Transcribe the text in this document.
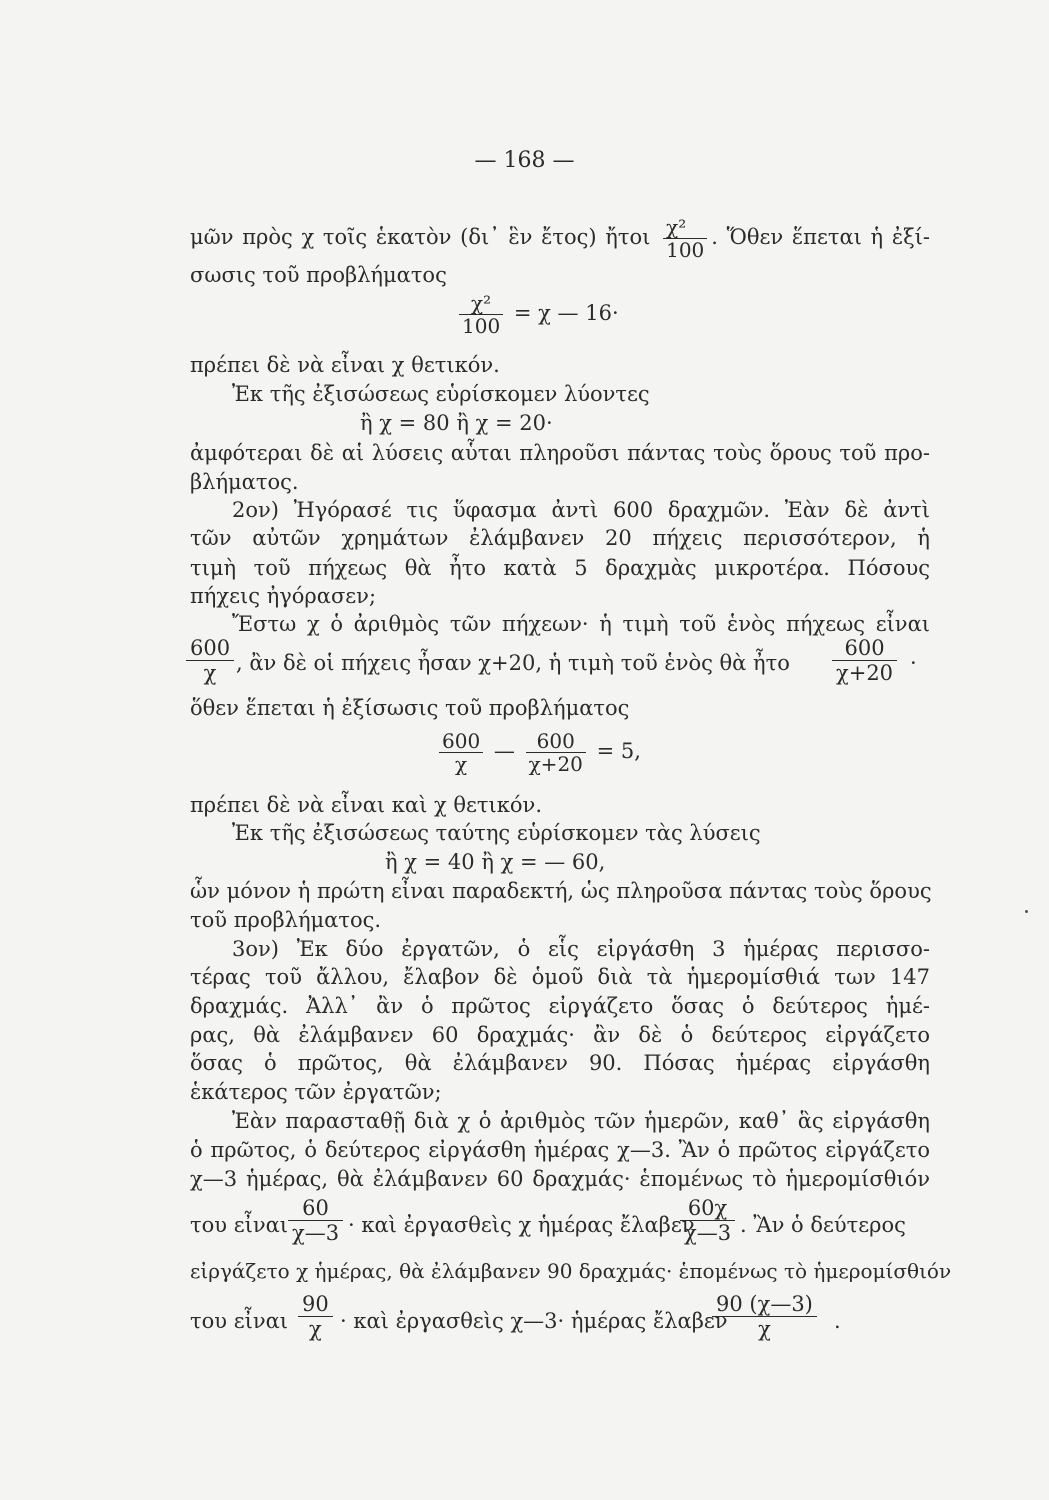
— 168 —
μῶν πρὸς χ τοῖς ἑκατὸν (δι᾿ ἓν ἔτος) ἤτοι $\frac{\text{χ²}}{100}$ . Ὅθεν ἕπεται ἡ ἐξί-
σωσις τοῦ προβλήματος
$\frac{\text{χ²}}{100} = \chi$ — 16·
πρέπει δὲ νὰ εἶναι χ θετικόν.
Ἐκ τῆς ἐξισώσεως εὑρίσκομεν λύοντες
ἢ χ = 80 ἢ χ = 20·
ἀμφότεραι δὲ αἱ λύσεις αὗται πληροῦσι πάντας τοὺς ὅρους τοῦ προ-
βλήματος.
2ον) Ἠγόρασέ τις ὕφασμα ἀντὶ 600 δραχμῶν. Ἐὰν δὲ ἀντὶ
τῶν αὐτῶν χρημάτων ἐλάμβανεν 20 πήχεις περισσότερον, ἡ
τιμὴ τοῦ πήχεως θὰ ἦτο κατὰ 5 δραχμὰς μικροτέρα. Πόσους
πήχεις ἠγόρασεν;
Ἔστω χ ὁ ἀριθμὸς τῶν πήχεων· ἡ τιμὴ τοῦ ἑνὸς πήχεως εἶναι
$\frac{600}{\chi}$ , ἂν δὲ οἱ πήχεις ἦσαν χ+20, ἡ τιμὴ τοῦ ἑνὸς θὰ ἦτο	$\frac{600}{\chi+20}$ ·
ὅθεν ἕπεται ἡ ἐξίσωσις τοῦ προβλήματος
$\frac{600}{\chi}$ — $\frac{600}{\chi+20} = 5$,
πρέπει δὲ νὰ εἶναι καὶ χ θετικόν.
Ἐκ τῆς ἐξισώσεως ταύτης εὑρίσκομεν τὰς λύσεις
ἢ χ = 40 ἢ χ = — 60,
ὧν μόνον ἡ πρώτη εἶναι παραδεκτή, ὡς πληροῦσα πάντας τοὺς ὅρους
τοῦ προβλήματος.
3ον) Ἐκ δύο ἐργατῶν, ὁ εἷς εἰργάσθη 3 ἡμέρας περισσο-
τέρας τοῦ ἄλλου, ἔλαβον δὲ ὁμοῦ διὰ τὰ ἡμερομίσθιά των 147
δραχμάς. Ἀλλ᾿ ἂν ὁ πρῶτος εἰργάζετο ὅσας ὁ δεύτερος ἡμέ-
ρας, θὰ ἐλάμβανεν 60 δραχμάς· ἂν δὲ ὁ δεύτερος εἰργάζετο
ὅσας ὁ πρῶτος, θὰ ἐλάμβανεν 90. Πόσας ἡμέρας εἰργάσθη
ἑκάτερος τῶν ἐργατῶν;
Ἐὰν παρασταθῇ διὰ χ ὁ ἀριθμὸς τῶν ἡμερῶν, καθ᾿ ἃς εἰργάσθη
ὁ πρῶτος, ὁ δεύτερος εἰργάσθη ἡμέρας χ—3. Ἂν ὁ πρῶτος εἰργάζετο
χ—3 ἡμέρας, θὰ ἐλάμβανεν 60 δραχμάς· ἑπομένως τὸ ἡμερομίσθιόν
του εἶναι $\frac{60}{\chi—3}$ · καὶ ἐργασθεὶς χ ἡμέρας ἔλαβεν
$\frac{60\chi}{\chi—3}$ . Ἂν ὁ δεύτερος
εἰργάζετο χ ἡμέρας, θὰ ἐλάμβανεν 90 δραχμάς· ἑπομένως τὸ ἡμερομίσθιόν
του εἶναι $\frac{90}{\chi}$ · καὶ ἐργασθεὶς χ—3· ἡμέρας ἔλαβεν
$\frac{90 (\chi—3)}{\chi}$ .
